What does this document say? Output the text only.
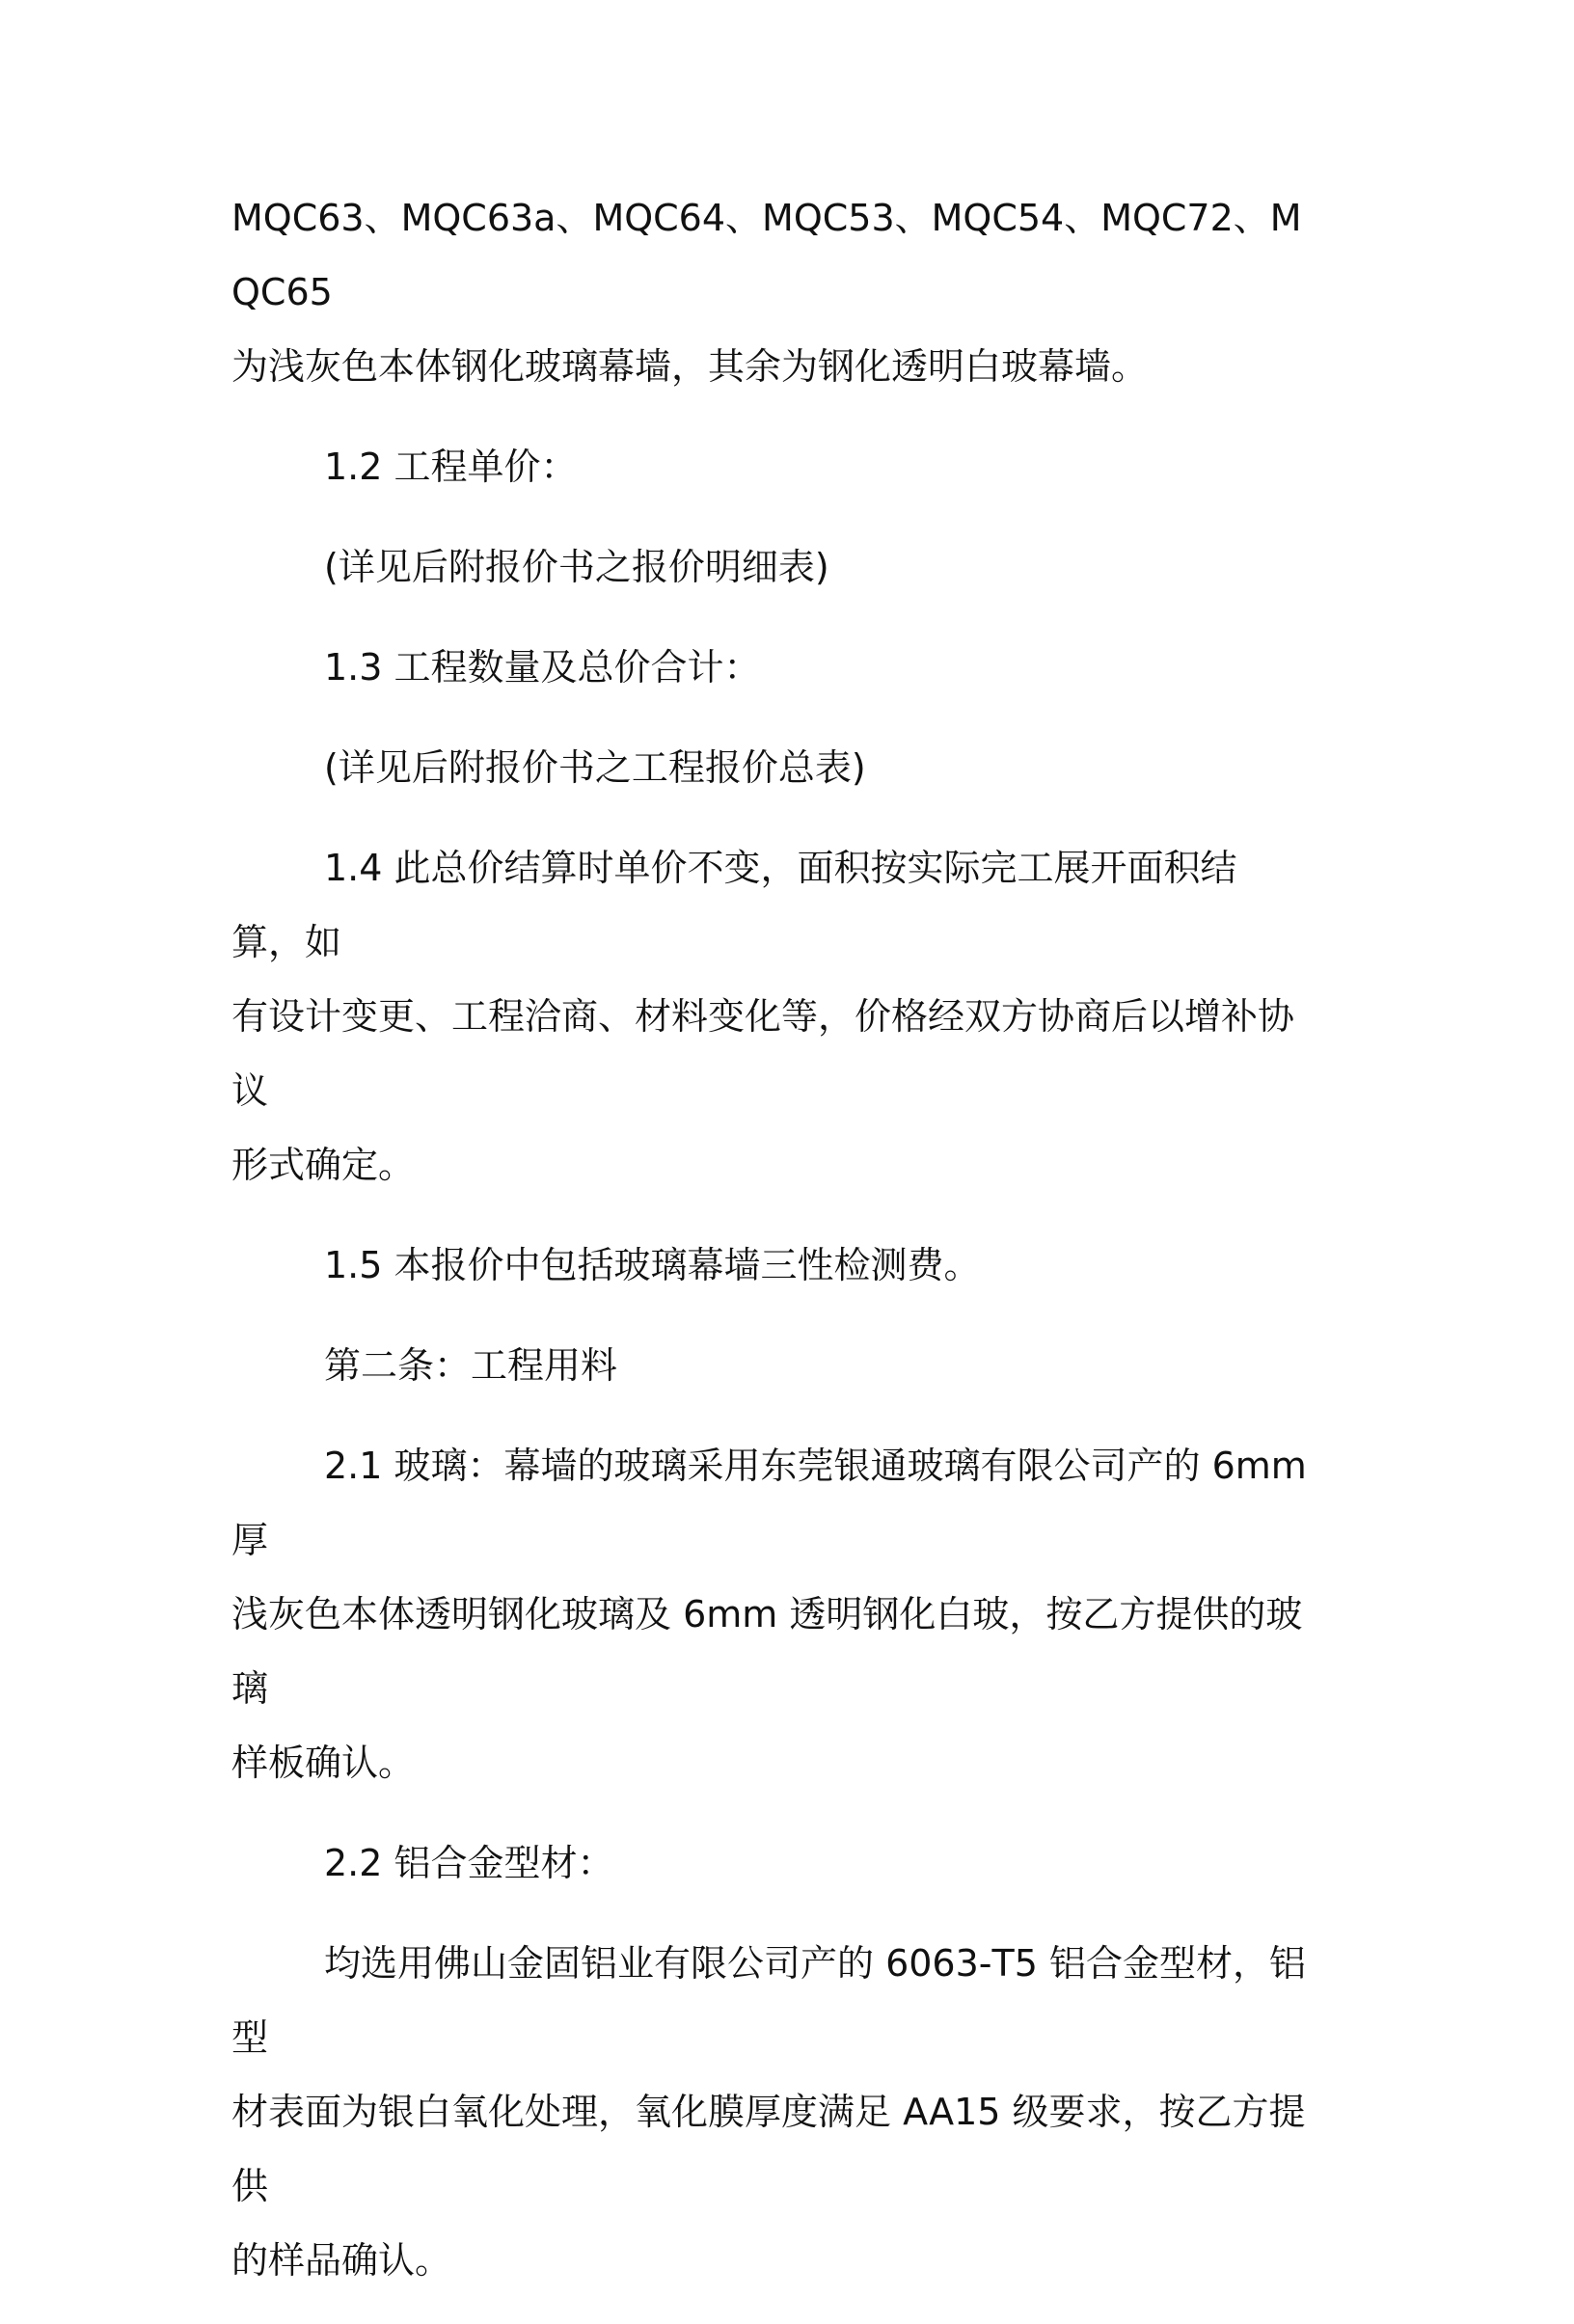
MQC63、MQC63a、MQC64、MQC53、MQC54、MQC72、MQC65
为浅灰色本体钢化玻璃幕墙，其余为钢化透明白玻幕墙。
1.2 工程单价：
(详见后附报价书之报价明细表)
1.3 工程数量及总价合计：
(详见后附报价书之工程报价总表)
1.4 此总价结算时单价不变，面积按实际完工展开面积结算，如
有设计变更、工程洽商、材料变化等，价格经双方协商后以增补协议
形式确定。
1.5 本报价中包括玻璃幕墙三性检测费。
第二条：工程用料
2.1 玻璃：幕墙的玻璃采用东莞银通玻璃有限公司产的 6mm 厚
浅灰色本体透明钢化玻璃及 6mm 透明钢化白玻，按乙方提供的玻璃
样板确认。
2.2 铝合金型材：
均选用佛山金固铝业有限公司产的 6063-T5 铝合金型材，铝型
材表面为银白氧化处理，氧化膜厚度满足 AA15 级要求，按乙方提供
的样品确认。
